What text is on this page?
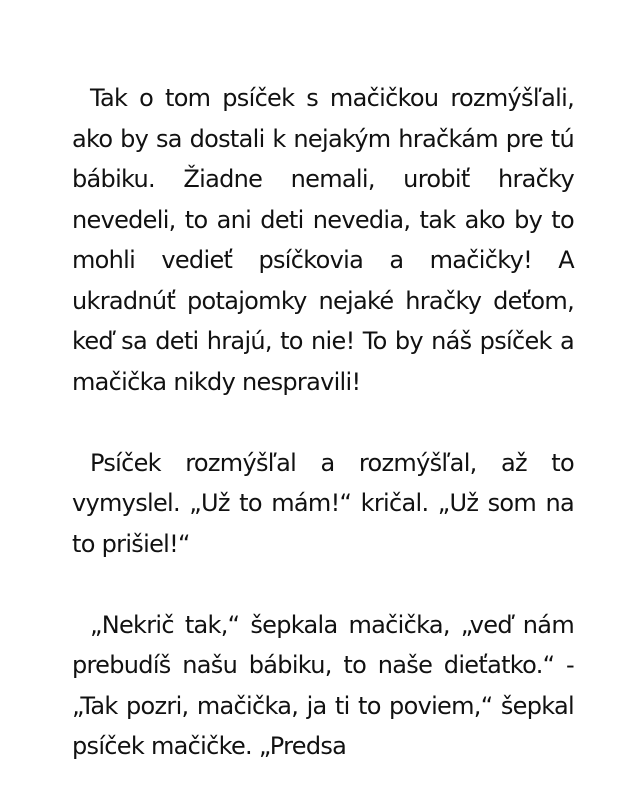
Tak o tom psíček s mačičkou rozmýšľali, ako by sa dostali k nejakým hračkám pre tú bábiku. Žiadne nemali, urobiť hračky nevedeli, to ani deti nevedia, tak ako by to mohli vedieť psíčkovia a mačičky! A ukradnúť potajomky nejaké hračky deťom, keď sa deti hrajú, to nie! To by náš psíček a mačička nikdy nespravili!

Psíček rozmýšľal a rozmýšľal, až to vymyslel. „Už to mám!“ kričal. „Už som na to prišiel!“

„Nekrič tak,“ šepkala mačička, „veď nám prebudíš našu bábiku, to naše dieťatko.“ - „Tak pozri, mačička, ja ti to poviem,“ šepkal psíček mačičke. „Predsa
